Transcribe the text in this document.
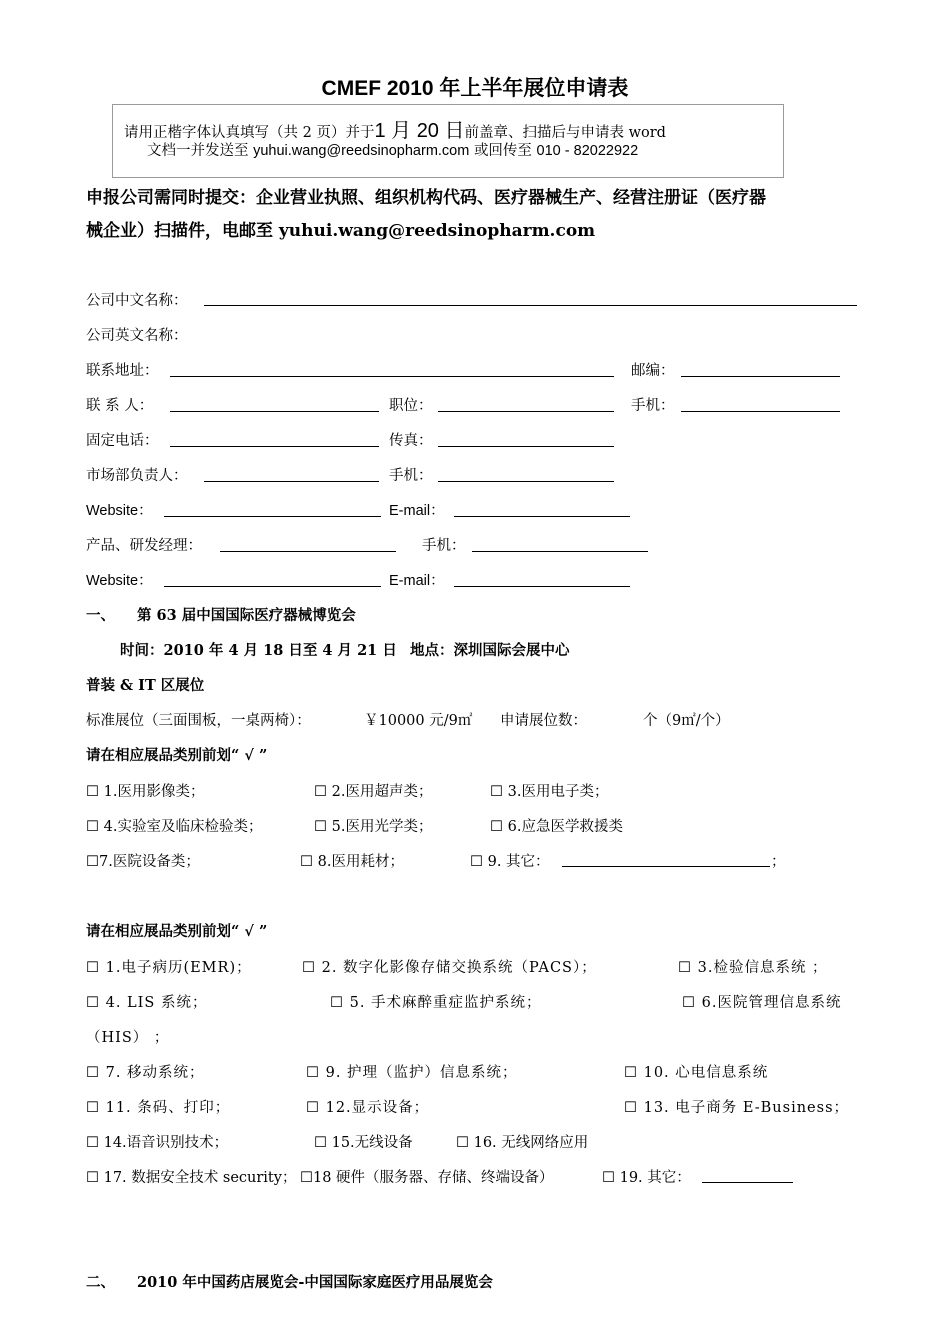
CMEF 2010 年上半年展位申请表
请用正楷字体认真填写（共 2 页）并于1 月 20 日前盖章、扫描后与申请表 word
文档一并发送至 yuhui.wang@reedsinopharm.com 或回传至 010 - 82022922
申报公司需同时提交：企业营业执照、组织机构代码、医疗器械生产、经营注册证（医疗器
械企业）扫描件，电邮至 yuhui.wang@reedsinopharm.com
公司中文名称：
公司英文名称：
联系地址：	邮编：
联 系 人：	职位：	手机：
固定电话：	传真：
市场部负责人：	手机：
Website：	E-mail：
产品、研发经理：	手机：
Website：	E-mail：
一、 第 63 届中国国际医疗器械博览会
时间：2010 年 4 月 18 日至 4 月 21 日 地点：深圳国际会展中心
普装 & IT 区展位
标准展位（三面围板，一桌两椅）：	￥10000 元/9㎡ 申请展位数：	个（9㎡/个）
请在相应展品类别前划“ √ ”
☐ 1.医用影像类；	☐ 2.医用超声类；	☐ 3.医用电子类；
☐ 4.实验室及临床检验类；	☐ 5.医用光学类；	☐ 6.应急医学救援类
☐7.医院设备类；	☐ 8.医用耗材；	☐ 9. 其它：	；
请在相应展品类别前划“ √ ”
☐ 1.电子病历(EMR)；	☐ 2. 数字化影像存储交换系统（PACS）；	☐ 3.检验信息系统 ；
☐ 4. LIS 系统；	☐ 5. 手术麻醉重症监护系统；	☐ 6.医院管理信息系统
（HIS） ；
☐ 7. 移动系统；	☐ 9. 护理（监护）信息系统；	☐ 10. 心电信息系统
☐ 11. 条码、打印；	☐ 12.显示设备；	☐ 13. 电子商务 E-Business；
☐ 14.语音识别技术；	☐ 15.无线设备	☐ 16. 无线网络应用
☐ 17. 数据安全技术 security； ☐18 硬件（服务器、存储、终端设备）	☐ 19. 其它：
二、 2010 年中国药店展览会-中国国际家庭医疗用品展览会
